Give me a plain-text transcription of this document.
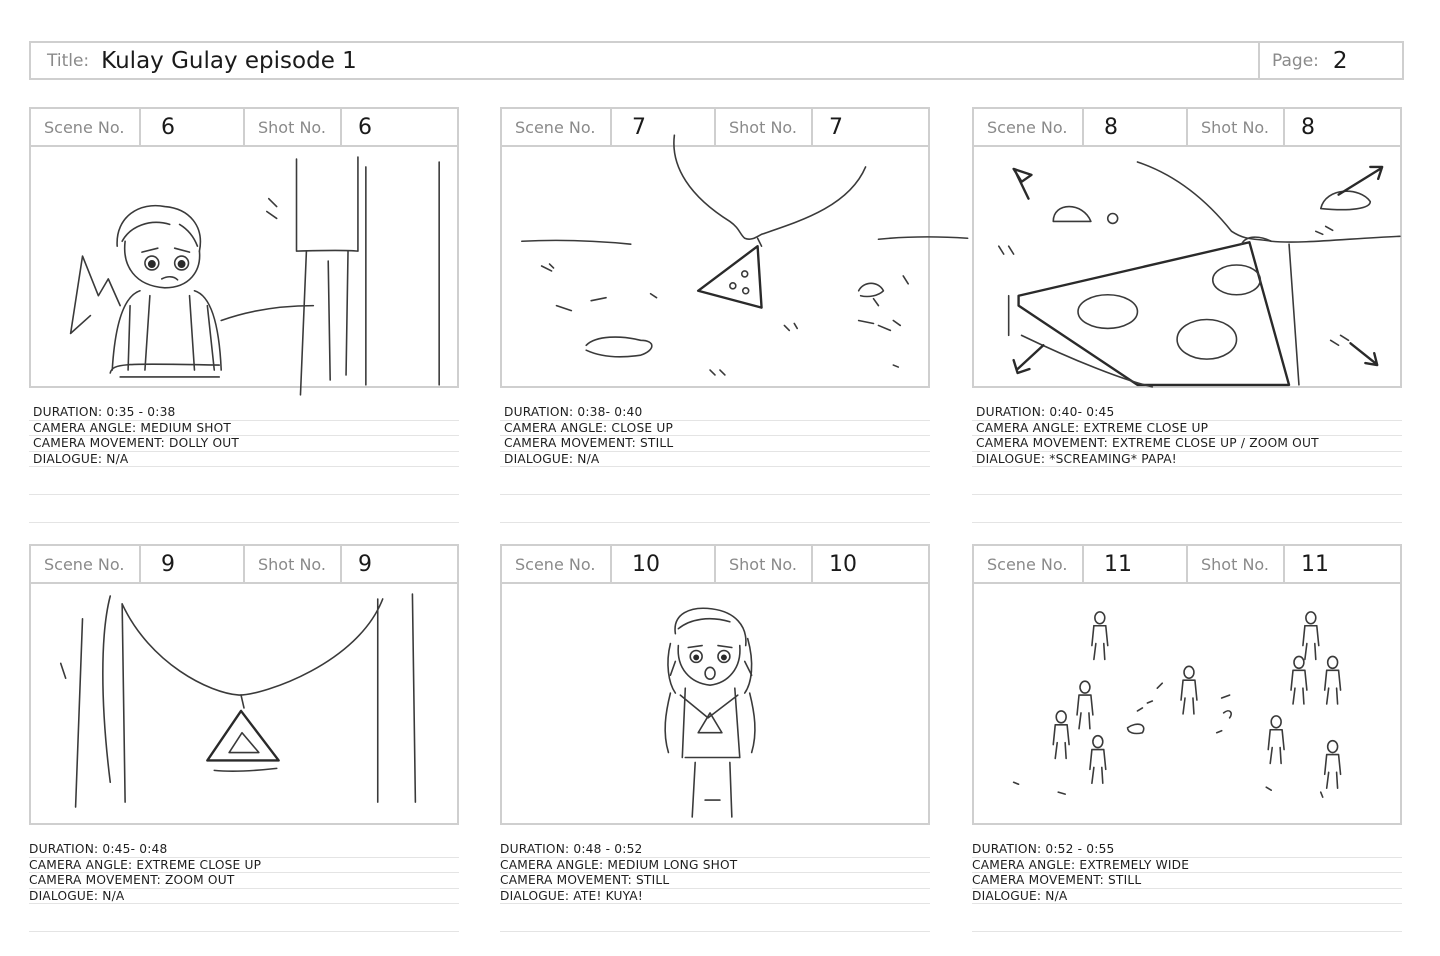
Title: Kulay Gulay episode 1	Page: 2
Scene No. 6	Shot No. 6
DURATION: 0:35 - 0:38
CAMERA ANGLE: MEDIUM SHOT
CAMERA MOVEMENT: DOLLY OUT
DIALOGUE: N/A
Scene No. 7	Shot No. 7
DURATION: 0:38- 0:40
CAMERA ANGLE: CLOSE UP
CAMERA MOVEMENT: STILL
DIALOGUE: N/A
Scene No. 8	Shot No. 8
DURATION: 0:40- 0:45
CAMERA ANGLE: EXTREME CLOSE UP
CAMERA MOVEMENT: EXTREME CLOSE UP / ZOOM OUT
DIALOGUE: *SCREAMING* PAPA!
Scene No. 9	Shot No. 9
DURATION: 0:45- 0:48
CAMERA ANGLE: EXTREME CLOSE UP
CAMERA MOVEMENT: ZOOM OUT
DIALOGUE: N/A
Scene No. 10	Shot No. 10
DURATION: 0:48 - 0:52
CAMERA ANGLE: MEDIUM LONG SHOT
CAMERA MOVEMENT: STILL
DIALOGUE: ATE! KUYA!
Scene No. 11	Shot No. 11
DURATION: 0:52 - 0:55
CAMERA ANGLE: EXTREMELY WIDE
CAMERA MOVEMENT: STILL
DIALOGUE: N/A
